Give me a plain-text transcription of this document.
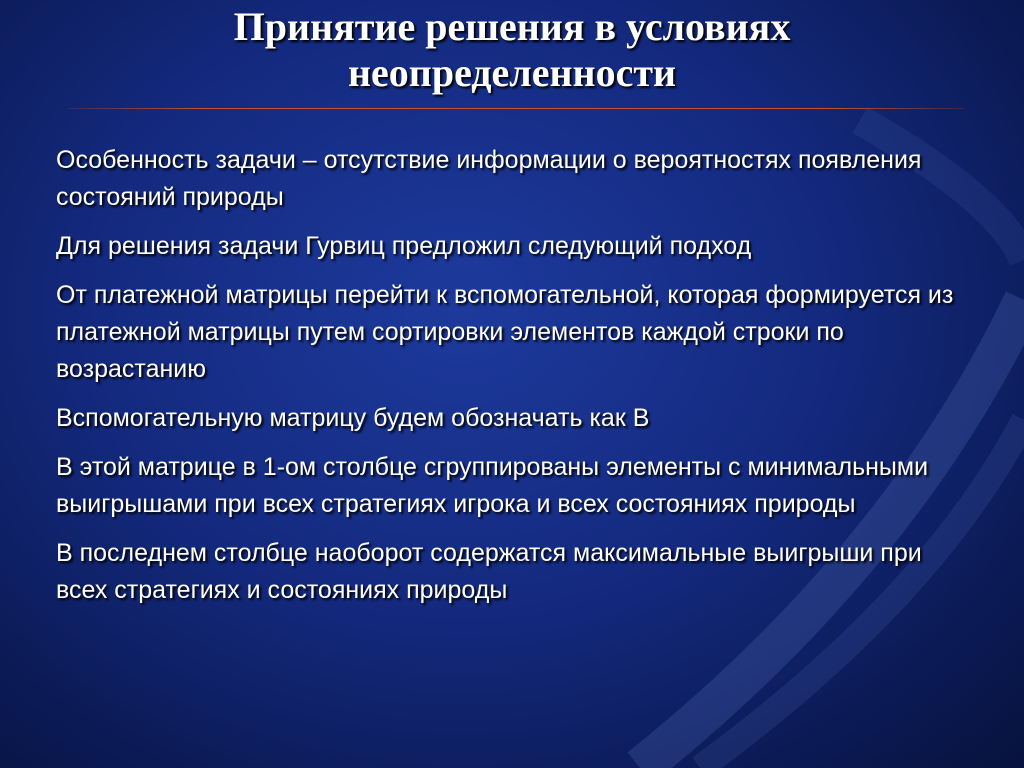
Принятие решения в условиях
неопределенности

Особенность задачи – отсутствие информации о вероятностях появления состояний природы

Для решения задачи Гурвиц предложил следующий подход

От платежной матрицы перейти к вспомогательной, которая формируется из платежной матрицы путем сортировки элементов каждой строки по возрастанию

Вспомогательную матрицу будем обозначать как В

В этой матрице в 1-ом столбце сгруппированы элементы с минимальными выигрышами при всех стратегиях игрока и всех состояниях природы

В последнем столбце наоборот содержатся максимальные выигрыши при всех стратегиях и состояниях природы
